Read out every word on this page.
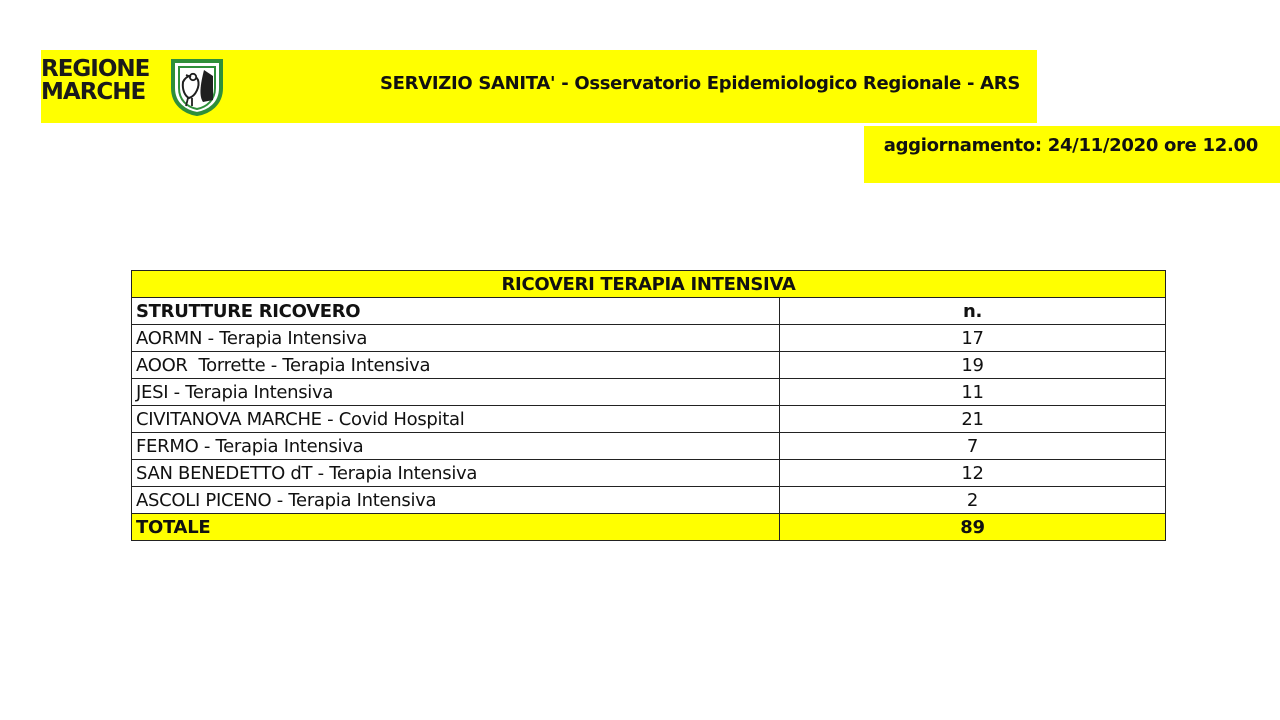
REGIONE
MARCHE	SERVIZIO SANITA' - Osservatorio Epidemiologico Regionale - ARS
aggiornamento: 24/11/2020 ore 12.00
RICOVERI TERAPIA INTENSIVA	
STRUTTURE RICOVERO	n.
AORMN - Terapia Intensiva	17
AOOR  Torrette - Terapia Intensiva	19
JESI - Terapia Intensiva	11
CIVITANOVA MARCHE - Covid Hospital	21
FERMO - Terapia Intensiva	7
SAN BENEDETTO dT - Terapia Intensiva	12
ASCOLI PICENO - Terapia Intensiva	2
TOTALE	89
